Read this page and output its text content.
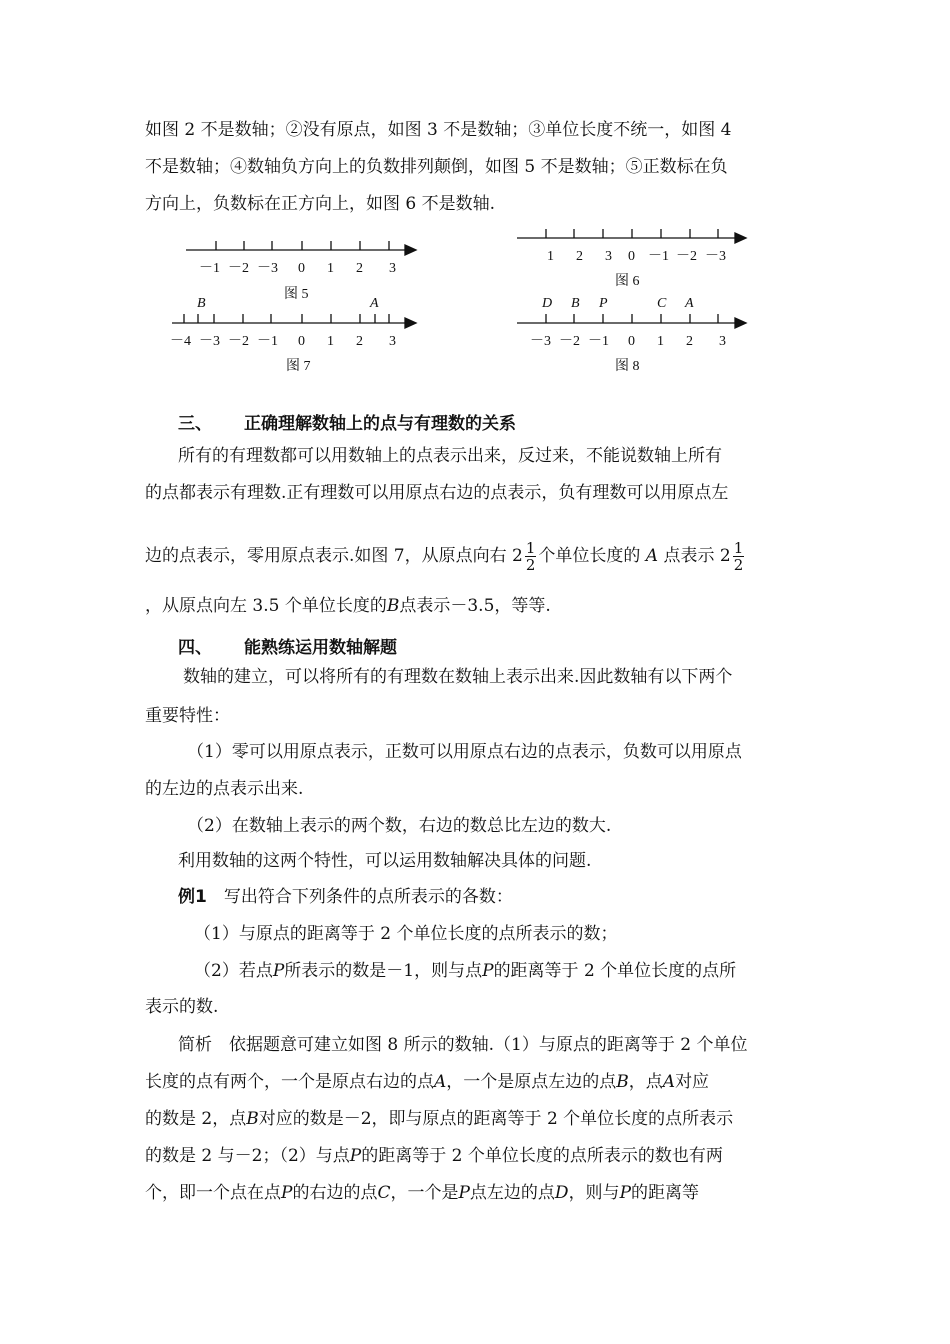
如图 2 不是数轴；②没有原点，如图 3 不是数轴；③单位长度不统一，如图 4
不是数轴；④数轴负方向上的负数排列颠倒，如图 5 不是数轴；⑤正数标在负
方向上，负数标在正方向上，如图 6 不是数轴.
－1 －2 －3 0 1 2 3
图 5
1 2 3 0 －1 －2 －3
图 6
B	A
－4 －3 －2 －1 0 1 2 3
图 7
D B P	C A
－3 －2 －1 0 1 2 3
图 8
三、 正确理解数轴上的点与有理数的关系
所有的有理数都可以用数轴上的点表示出来，反过来，不能说数轴上所有
的点都表示有理数.正有理数可以用原点右边的点表示，负有理数可以用原点左
边的点表示，零用原点表示.如图 7，从原点向右 $2 \frac{1}{2}$ 个单位长度的 A 点表示 $2 \frac{1}{2}$
，从原点向左 3.5 个单位长度的B点表示－3.5，等等.
四、 能熟练运用数轴解题
数轴的建立，可以将所有的有理数在数轴上表示出来.因此数轴有以下两个
重要特性：
（1）零可以用原点表示，正数可以用原点右边的点表示，负数可以用原点
的左边的点表示出来.
（2）在数轴上表示的两个数，右边的数总比左边的数大.
利用数轴的这两个特性，可以运用数轴解决具体的问题.
例1　 写出符合下列条件的点所表示的各数：
（1）与原点的距离等于 2 个单位长度的点所表示的数；
（2）若点P所表示的数是－1，则与点P的距离等于 2 个单位长度的点所
表示的数.
简析　依据题意可建立如图 8 所示的数轴.（1）与原点的距离等于 2 个单位
长度的点有两个，一个是原点右边的点A，一个是原点左边的点B，点A对应
的数是 2，点B对应的数是－2，即与原点的距离等于 2 个单位长度的点所表示
的数是 2 与－2；（2）与点P的距离等于 2 个单位长度的点所表示的数也有两
个，即一个点在点P的右边的点C，一个是P点左边的点D，则与P的距离等
